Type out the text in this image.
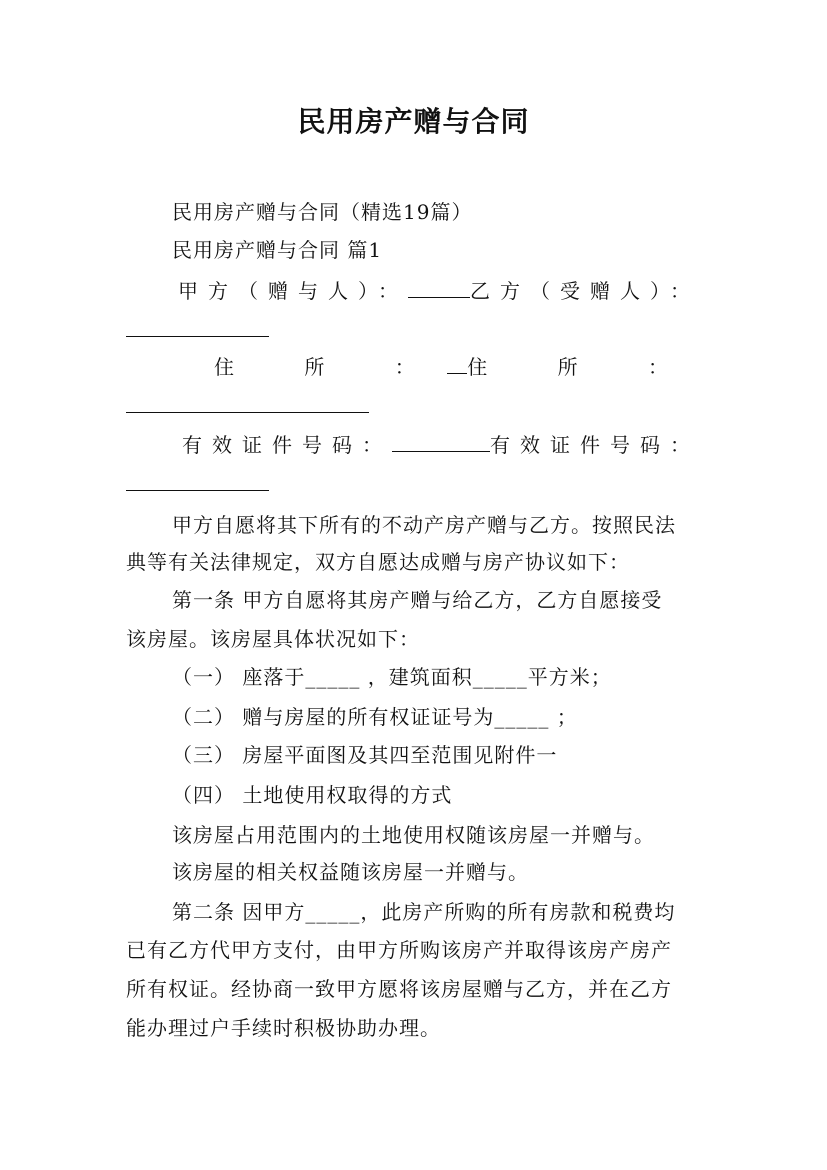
民用房产赠与合同
民用房产赠与合同（精选19篇）
民用房产赠与合同 篇1
甲方（赠与人）：	乙方（受赠人）：
住 所 ： 住 所 ：
有效证件号码：	有效证件号码：
甲方自愿将其下所有的不动产房产赠与乙方。按照民法
典等有关法律规定，双方自愿达成赠与房产协议如下：
第一条 甲方自愿将其房产赠与给乙方，乙方自愿接受
该房屋。该房屋具体状况如下：
（一） 座落于_____ ，建筑面积_____平方米；
（二） 赠与房屋的所有权证证号为_____ ；
（三） 房屋平面图及其四至范围见附件一
（四） 土地使用权取得的方式
该房屋占用范围内的土地使用权随该房屋一并赠与。
该房屋的相关权益随该房屋一并赠与。
第二条 因甲方_____，此房产所购的所有房款和税费均
已有乙方代甲方支付，由甲方所购该房产并取得该房产房产
所有权证。经协商一致甲方愿将该房屋赠与乙方，并在乙方
能办理过户手续时积极协助办理。
